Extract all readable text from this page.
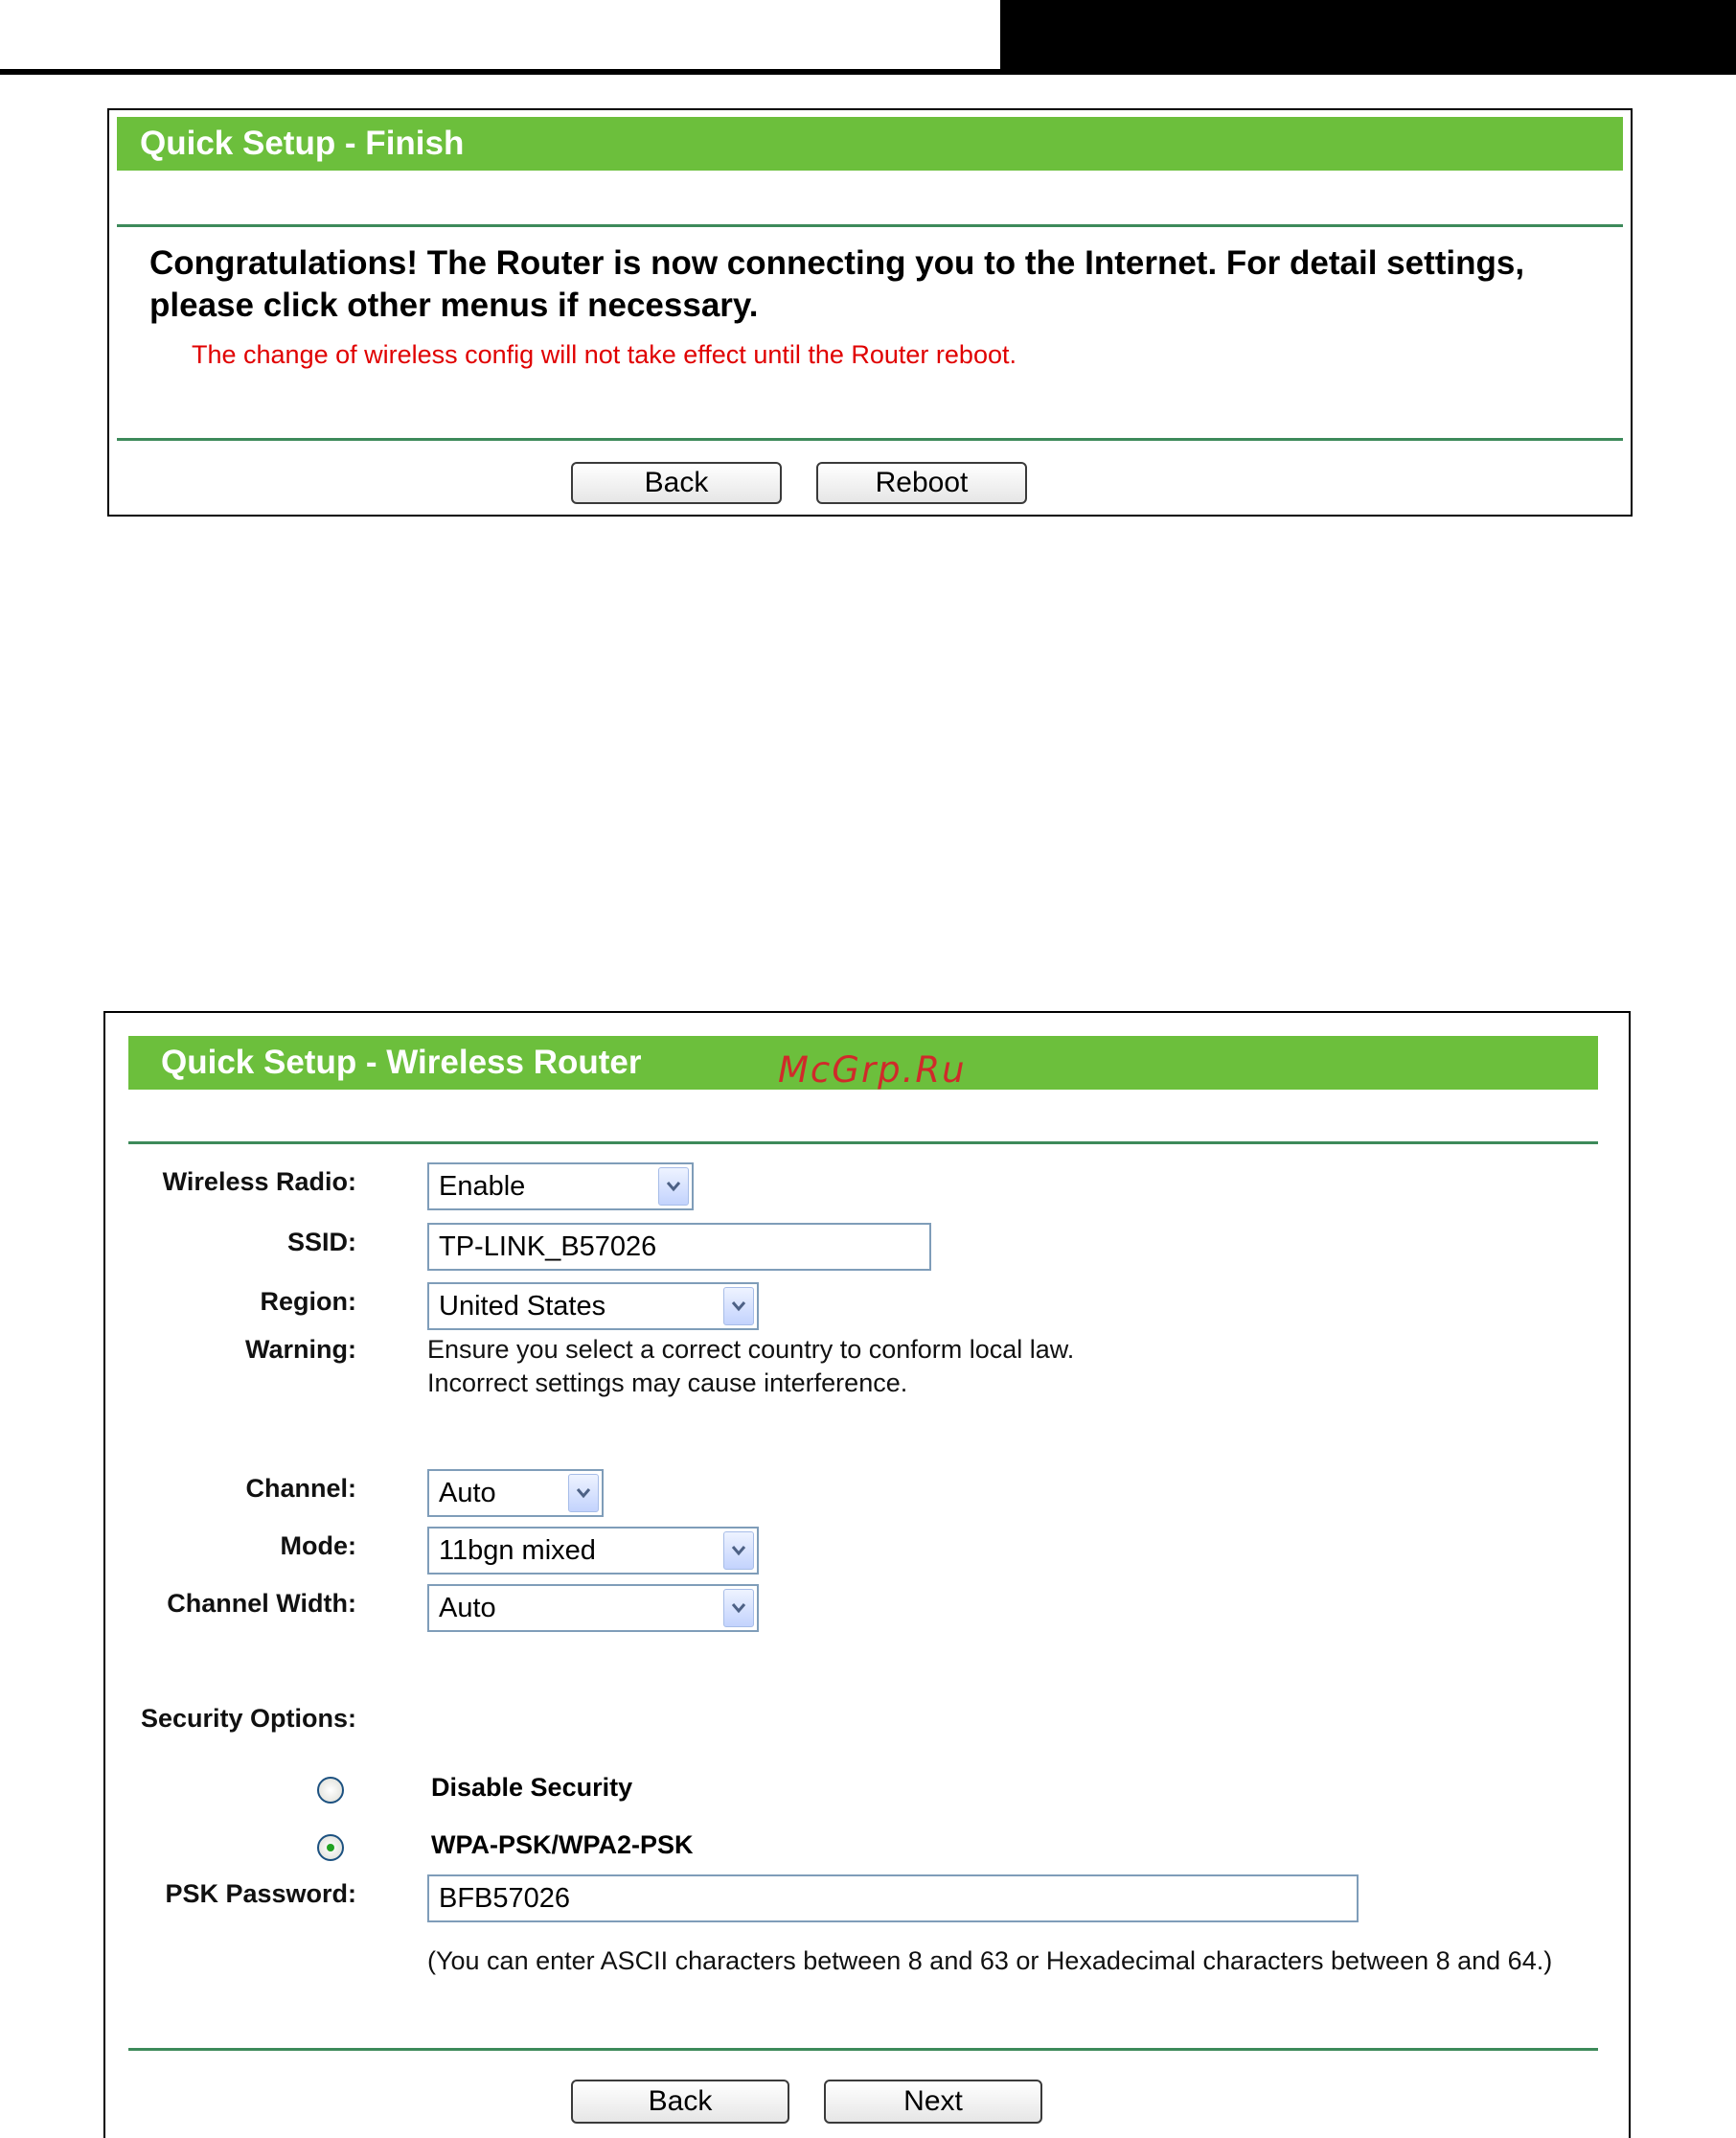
Quick Setup - Finish
Congratulations! The Router is now connecting you to the Internet. For detail settings, please click other menus if necessary.
The change of wireless config will not take effect until the Router reboot.
Back	Reboot
Quick Setup - Wireless Router	McGrp.Ru
Wireless Radio:	Enable
SSID:	TP-LINK_B57026
Region:	United States
Warning:	Ensure you select a correct country to conform local law.
Incorrect settings may cause interference.
Channel:	Auto
Mode:	11bgn mixed
Channel Width:	Auto
Security Options:
Disable Security
WPA-PSK/WPA2-PSK
PSK Password:	BFB57026
(You can enter ASCII characters between 8 and 63 or Hexadecimal characters between 8 and 64.)
Back	Next
